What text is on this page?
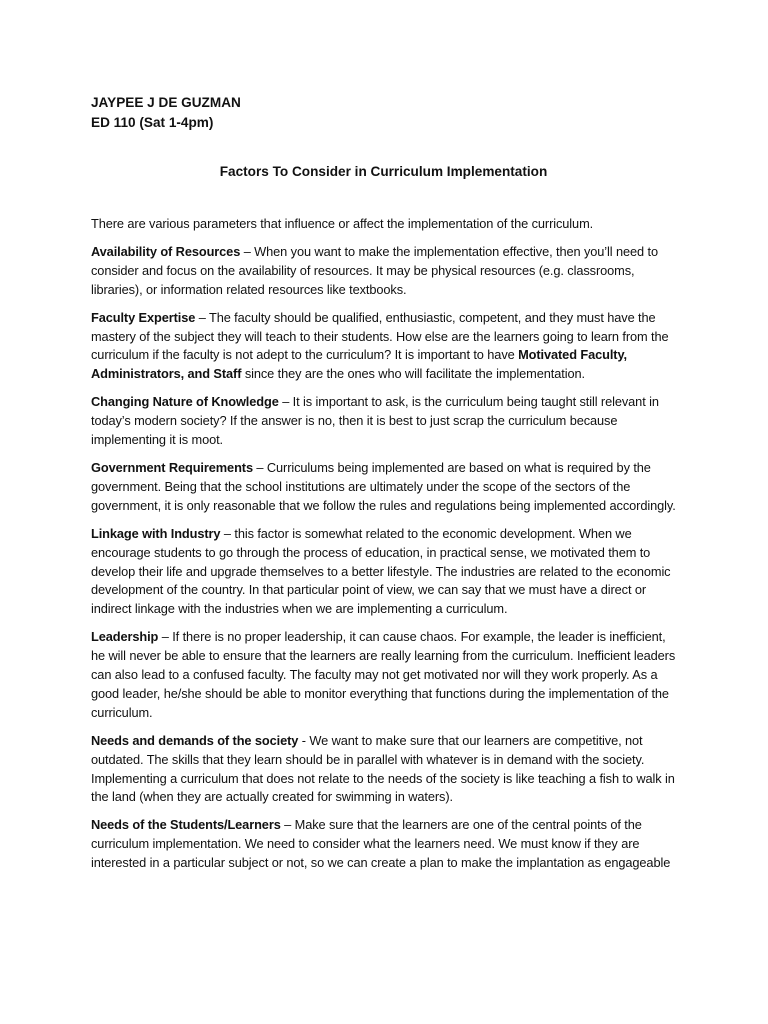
JAYPEE J DE GUZMAN
ED 110 (Sat 1-4pm)
Factors To Consider in Curriculum Implementation

There are various parameters that influence or affect the implementation of the curriculum.

Availability of Resources – When you want to make the implementation effective, then you’ll need to consider and focus on the availability of resources. It may be physical resources (e.g. classrooms, libraries), or information related resources like textbooks.

Faculty Expertise – The faculty should be qualified, enthusiastic, competent, and they must have the mastery of the subject they will teach to their students. How else are the learners going to learn from the curriculum if the faculty is not adept to the curriculum? It is important to have Motivated Faculty, Administrators, and Staff since they are the ones who will facilitate the implementation.

Changing Nature of Knowledge – It is important to ask, is the curriculum being taught still relevant in today’s modern society? If the answer is no, then it is best to just scrap the curriculum because implementing it is moot.

Government Requirements – Curriculums being implemented are based on what is required by the government. Being that the school institutions are ultimately under the scope of the sectors of the government, it is only reasonable that we follow the rules and regulations being implemented accordingly.

Linkage with Industry – this factor is somewhat related to the economic development. When we encourage students to go through the process of education, in practical sense, we motivated them to develop their life and upgrade themselves to a better lifestyle. The industries are related to the economic development of the country. In that particular point of view, we can say that we must have a direct or indirect linkage with the industries when we are implementing a curriculum.

Leadership – If there is no proper leadership, it can cause chaos. For example, the leader is inefficient, he will never be able to ensure that the learners are really learning from the curriculum. Inefficient leaders can also lead to a confused faculty. The faculty may not get motivated nor will they work properly. As a good leader, he/she should be able to monitor everything that functions during the implementation of the curriculum.

Needs and demands of the society - We want to make sure that our learners are competitive, not outdated. The skills that they learn should be in parallel with whatever is in demand with the society. Implementing a curriculum that does not relate to the needs of the society is like teaching a fish to walk in the land (when they are actually created for swimming in waters).

Needs of the Students/Learners – Make sure that the learners are one of the central points of the curriculum implementation. We need to consider what the learners need. We must know if they are interested in a particular subject or not, so we can create a plan to make the implantation as engageable
